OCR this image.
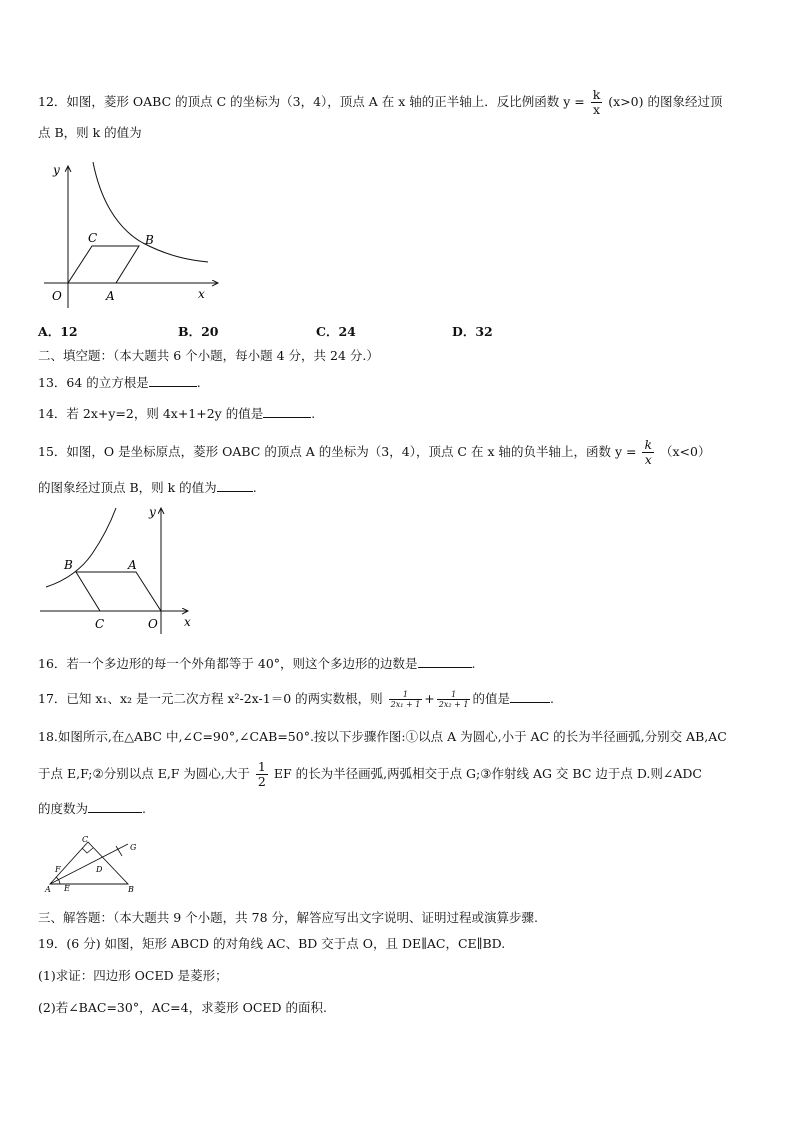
12．如图，菱形 OABC 的顶点 C 的坐标为（3，4），顶点 A 在 x 轴的正半轴上．反比例函数 $y = \frac{k}{x} (x>0)$ 的图象经过顶
点 B，则 k 的值为
y
x
O	A
B
C
A．12	B．20	C．24	D．32
二、填空题：（本大题共 6 个小题，每小题 4 分，共 24 分.）
13．64 的立方根是	.
14．若 2x+y=2，则 4x+1+2y 的值是	.
15．如图，O 是坐标原点，菱形 OABC 的顶点 A 的坐标为（3，4），顶点 C 在 x 轴的负半轴上，函数 $y = \frac{k}{x} (x<0)$
的图象经过顶点 B，则 k 的值为	.
y
x
O
A
B
C
16．若一个多边形的每一个外角都等于 40°，则这个多边形的边数是	.
17．已知 x₁、x₂ 是一元二次方程 x²-2x-1＝0 的两实数根，则 $\frac{1}{\text{2x₁ + 1}} + \frac{1}{\text{2x₂ + 1}}$ 的值是	.
18.如图所示,在△ABC 中,∠C=90°,∠CAB=50°.按以下步骤作图:①以点 A 为圆心,小于 AC 的长为半径画弧,分别交 AB,AC
于点 E,F;②分别以点 E,F 为圆心,大于 $\frac{1}{2}$ EF 的长为半径画弧,两弧相交于点 G;③作射线 AG 交 BC 边于点 D.则∠ADC
的度数为	.
A	B
C
D
E
F
G
三、解答题：（本大题共 9 个小题，共 78 分，解答应写出文字说明、证明过程或演算步骤.
19．(6 分) 如图，矩形 ABCD 的对角线 AC、BD 交于点 O，且 DE∥AC，CE∥BD.
(1)求证：四边形 OCED 是菱形；
(2)若∠BAC=30°，AC=4，求菱形 OCED 的面积.
